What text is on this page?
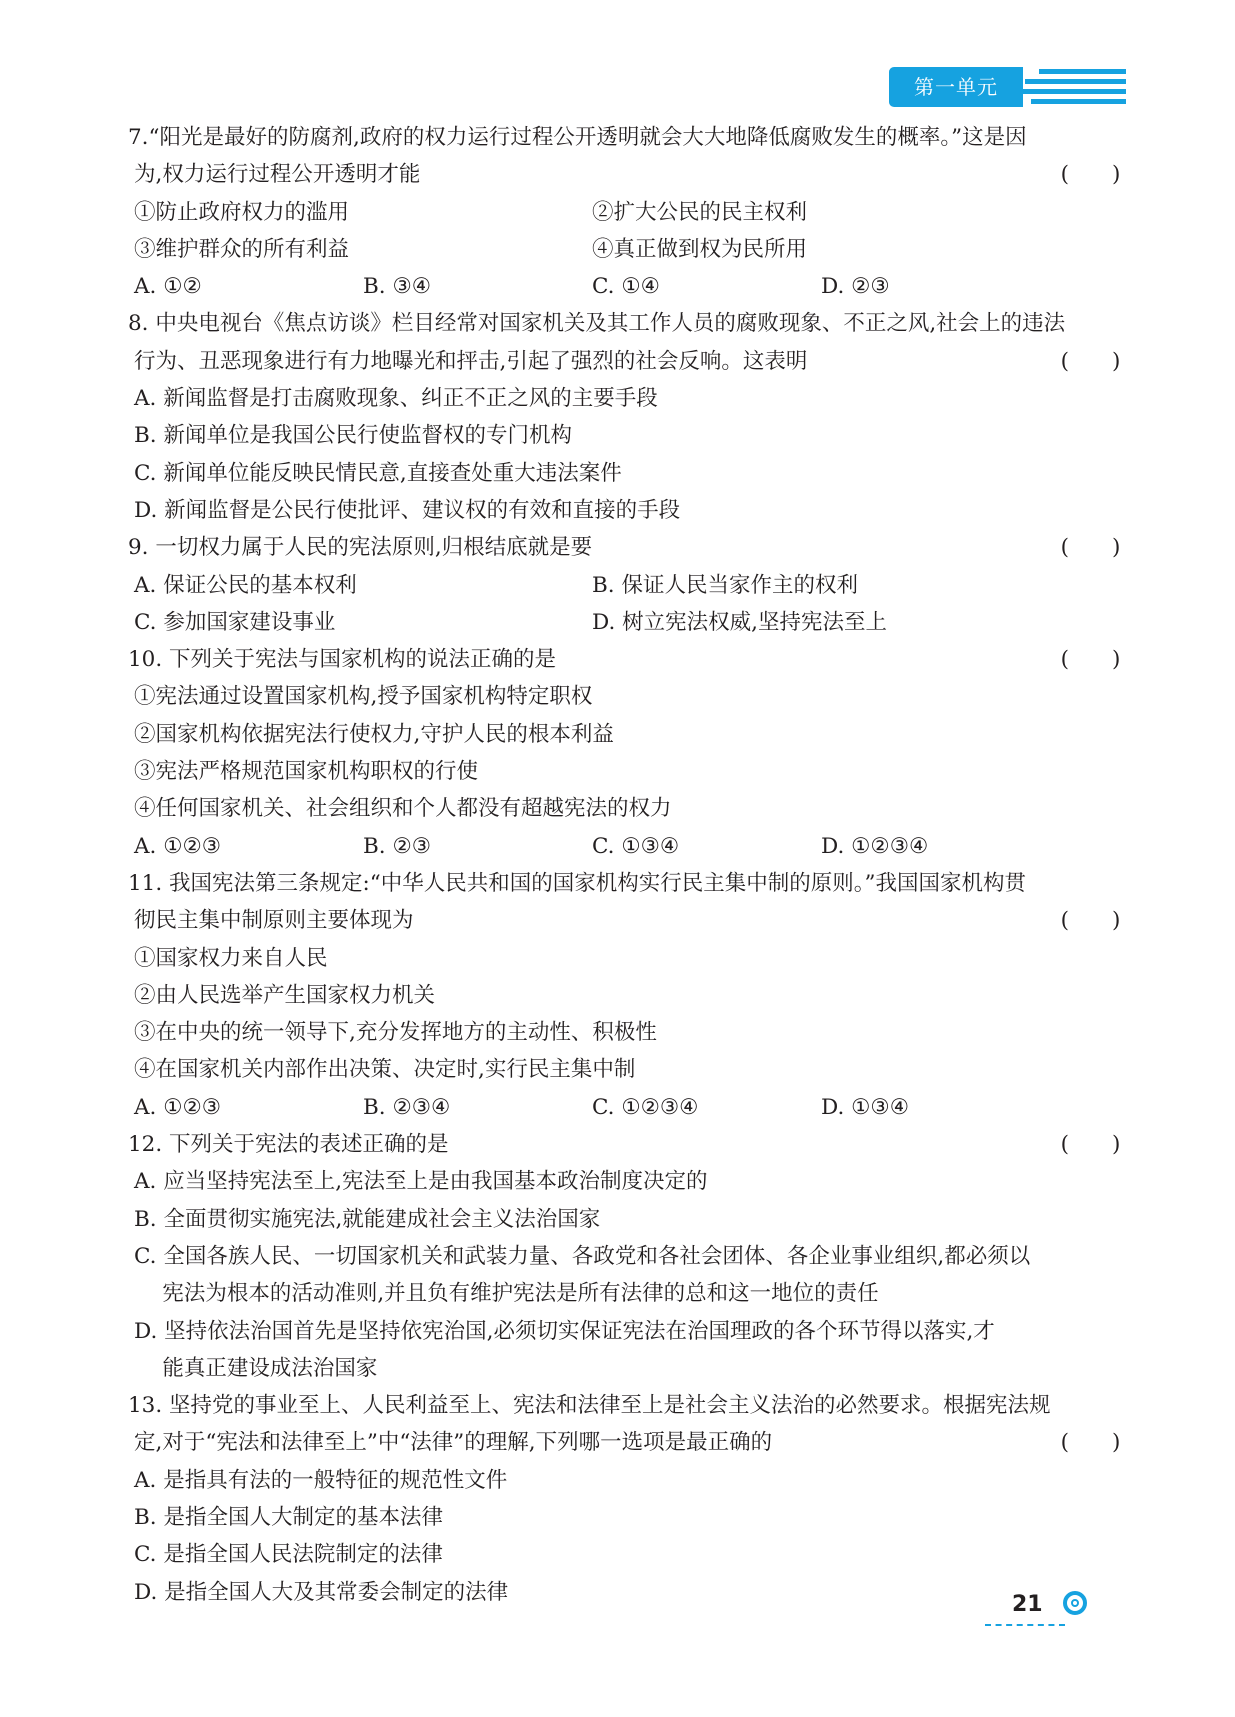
第一单元
7.“阳光是最好的防腐剂,政府的权力运行过程公开透明就会大大地降低腐败发生的概率。”这是因
为,权力运行过程公开透明才能	(　　)
①防止政府权力的滥用	②扩大公民的民主权利
③维护群众的所有利益	④真正做到权为民所用
A. ①②	B. ③④	C. ①④	D. ②③
8. 中央电视台《焦点访谈》栏目经常对国家机关及其工作人员的腐败现象、不正之风,社会上的违法
行为、丑恶现象进行有力地曝光和抨击,引起了强烈的社会反响。这表明	(　　)
A. 新闻监督是打击腐败现象、纠正不正之风的主要手段
B. 新闻单位是我国公民行使监督权的专门机构
C. 新闻单位能反映民情民意,直接查处重大违法案件
D. 新闻监督是公民行使批评、建议权的有效和直接的手段
9. 一切权力属于人民的宪法原则,归根结底就是要	(　　)
A. 保证公民的基本权利	B. 保证人民当家作主的权利
C. 参加国家建设事业	D. 树立宪法权威,坚持宪法至上
10. 下列关于宪法与国家机构的说法正确的是	(　　)
①宪法通过设置国家机构,授予国家机构特定职权
②国家机构依据宪法行使权力,守护人民的根本利益
③宪法严格规范国家机构职权的行使
④任何国家机关、社会组织和个人都没有超越宪法的权力
A. ①②③	B. ②③	C. ①③④	D. ①②③④
11. 我国宪法第三条规定:“中华人民共和国的国家机构实行民主集中制的原则。”我国国家机构贯
彻民主集中制原则主要体现为	(　　)
①国家权力来自人民
②由人民选举产生国家权力机关
③在中央的统一领导下,充分发挥地方的主动性、积极性
④在国家机关内部作出决策、决定时,实行民主集中制
A. ①②③	B. ②③④	C. ①②③④	D. ①③④
12. 下列关于宪法的表述正确的是	(　　)
A. 应当坚持宪法至上,宪法至上是由我国基本政治制度决定的
B. 全面贯彻实施宪法,就能建成社会主义法治国家
C. 全国各族人民、一切国家机关和武装力量、各政党和各社会团体、各企业事业组织,都必须以
　 宪法为根本的活动准则,并且负有维护宪法是所有法律的总和这一地位的责任
D. 坚持依法治国首先是坚持依宪治国,必须切实保证宪法在治国理政的各个环节得以落实,才
　 能真正建设成法治国家
13. 坚持党的事业至上、人民利益至上、宪法和法律至上是社会主义法治的必然要求。根据宪法规
定,对于“宪法和法律至上”中“法律”的理解,下列哪一选项是最正确的	(　　)
A. 是指具有法的一般特征的规范性文件
B. 是指全国人大制定的基本法律
C. 是指全国人民法院制定的法律
D. 是指全国人大及其常委会制定的法律	21
